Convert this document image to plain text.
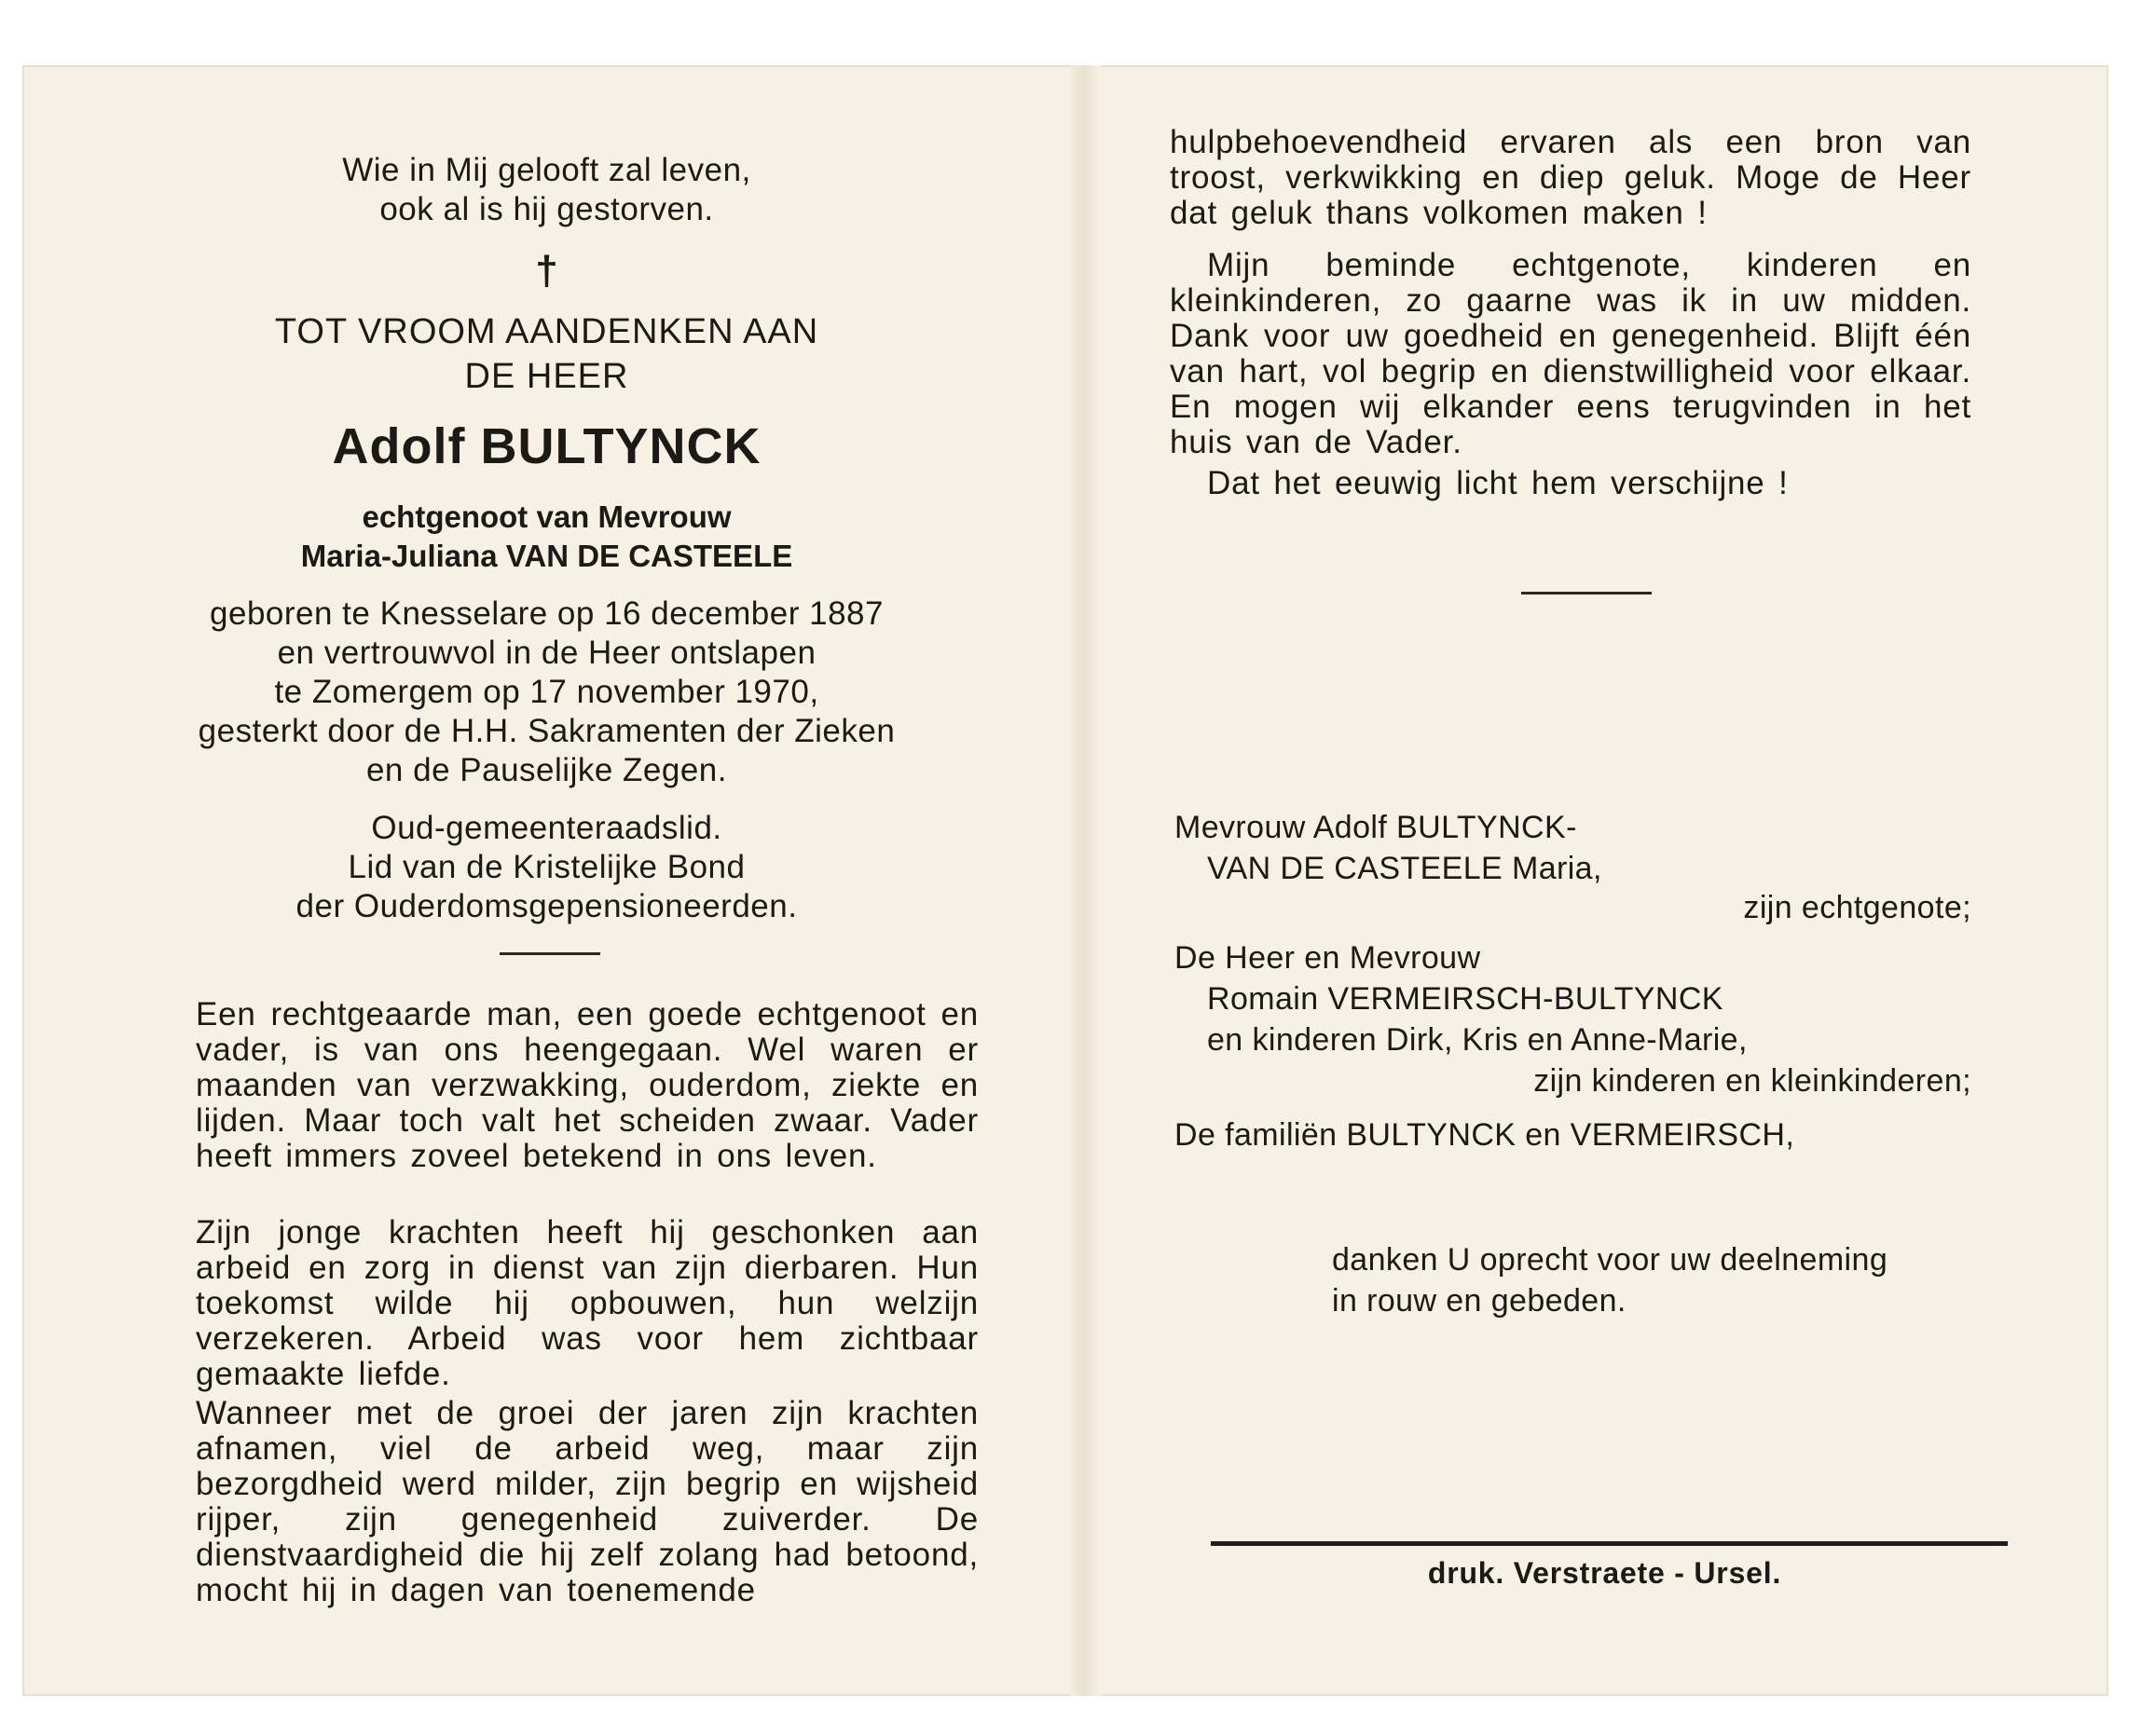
Wie in Mij gelooft zal leven,
ook al is hij gestorven.
†
TOT VROOM AANDENKEN AAN
DE HEER
Adolf BULTYNCK
echtgenoot van Mevrouw
Maria-Juliana VAN DE CASTEELE
geboren te Knesselare op 16 december 1887
en vertrouwvol in de Heer ontslapen
te Zomergem op 17 november 1970,
gesterkt door de H.H. Sakramenten der Zieken
en de Pauselijke Zegen.
Oud-gemeenteraadslid.
Lid van de Kristelijke Bond
der Ouderdomsgepensioneerden.
Een rechtgeaarde man, een goede echtgenoot en vader, is van ons heengegaan. Wel waren er maanden van verzwakking, ouderdom, ziekte en lijden. Maar toch valt het scheiden zwaar. Vader heeft immers zoveel betekend in ons leven.
Zijn jonge krachten heeft hij geschonken aan arbeid en zorg in dienst van zijn dierbaren. Hun toekomst wilde hij opbouwen, hun welzijn verzekeren. Arbeid was voor hem zichtbaar gemaakte liefde.
Wanneer met de groei der jaren zijn krachten afnamen, viel de arbeid weg, maar zijn bezorgdheid werd milder, zijn begrip en wijsheid rijper, zijn genegenheid zuiverder. De dienstvaardigheid die hij zelf zolang had betoond, mocht hij in dagen van toenemende
hulpbehoevendheid ervaren als een bron van troost, verkwikking en diep geluk. Moge de Heer dat geluk thans volkomen maken !
Mijn beminde echtgenote, kinderen en kleinkinderen, zo gaarne was ik in uw midden. Dank voor uw goedheid en genegenheid. Blijft één van hart, vol begrip en dienstwilligheid voor elkaar. En mogen wij elkander eens terugvinden in het huis van de Vader.
Dat het eeuwig licht hem verschijne !
Mevrouw Adolf BULTYNCK-
VAN DE CASTEELE Maria,
zijn echtgenote;
De Heer en Mevrouw
Romain VERMEIRSCH-BULTYNCK
en kinderen Dirk, Kris en Anne-Marie,
zijn kinderen en kleinkinderen;
De familiën BULTYNCK en VERMEIRSCH,
danken U oprecht voor uw deelneming
in rouw en gebeden.
druk. Verstraete - Ursel.
